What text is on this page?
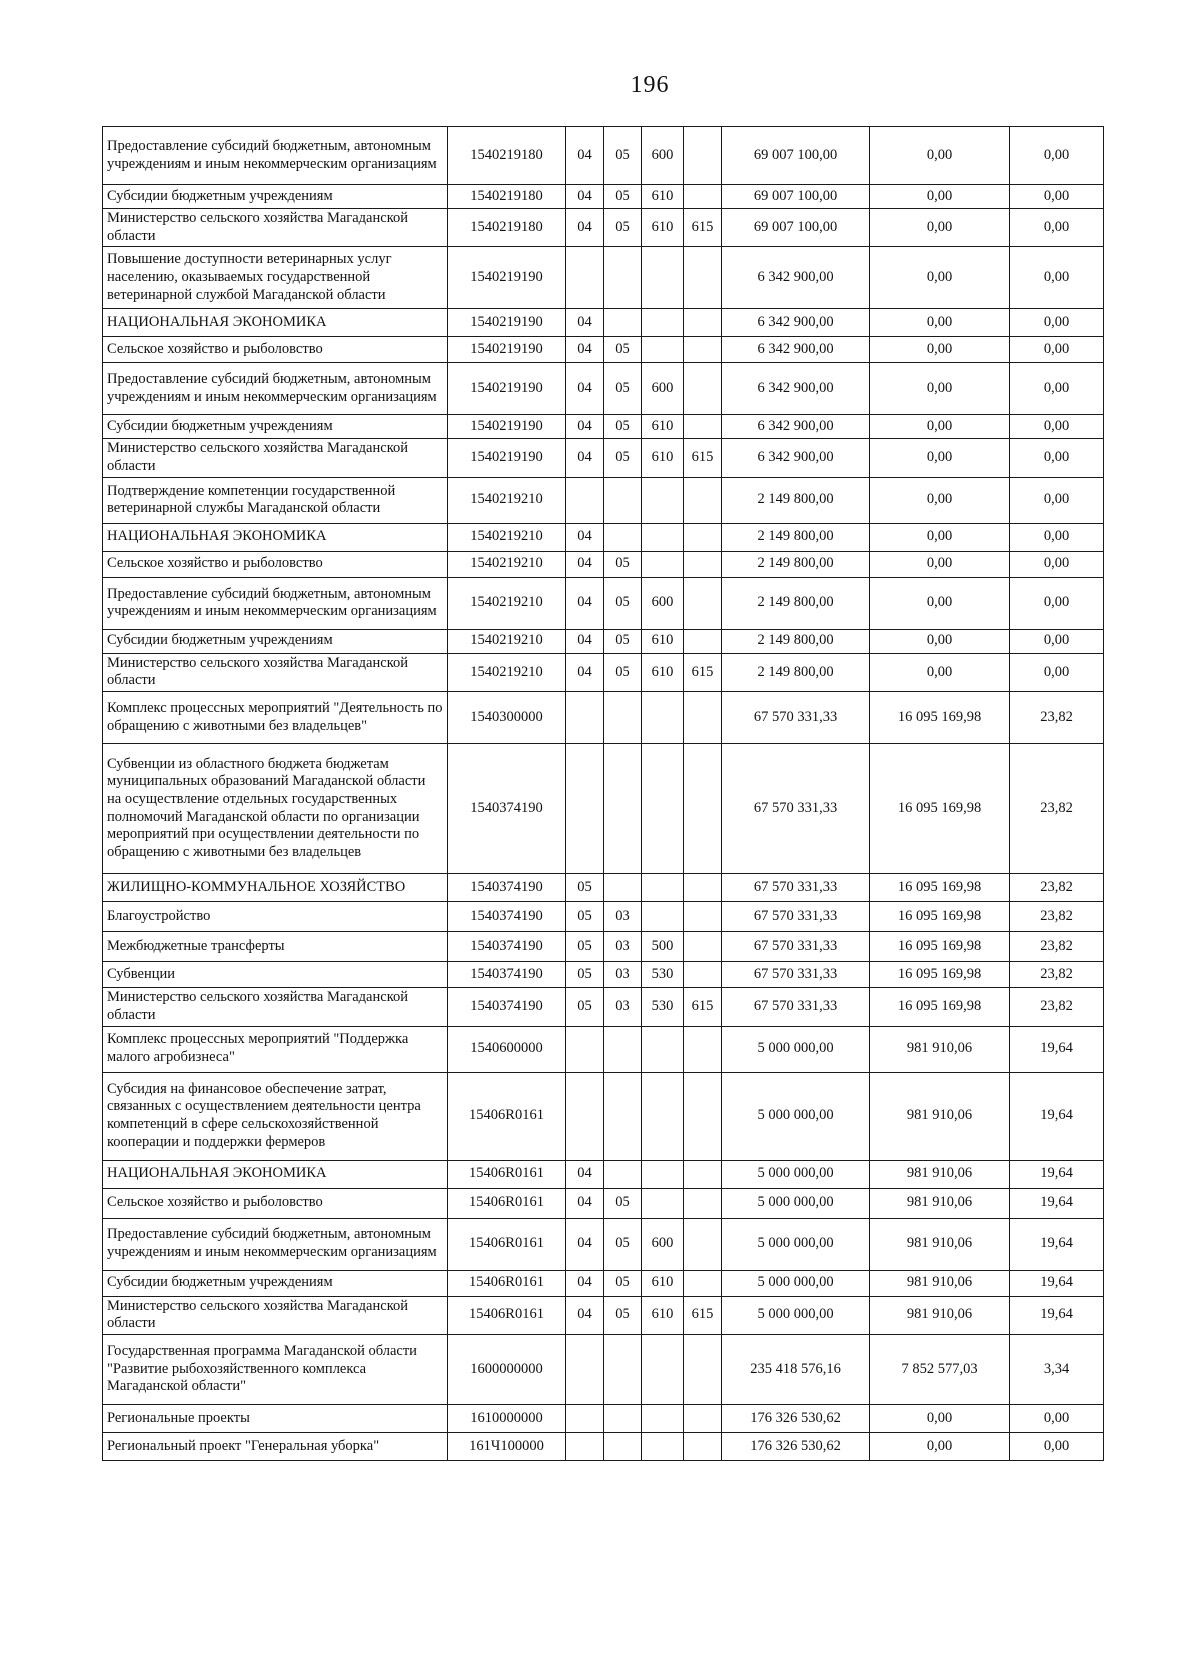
196
Предоставление субсидий бюджетным, автономным учреждениям и иным некоммерческим организациям	1540219180	04	05	600		69 007 100,00	0,00	0,00
Субсидии бюджетным учреждениям	1540219180	04	05	610		69 007 100,00	0,00	0,00
Министерство сельского хозяйства Магаданской области	1540219180	04	05	610	615	69 007 100,00	0,00	0,00
Повышение доступности ветеринарных услуг населению, оказываемых государственной ветеринарной службой Магаданской области	1540219190					6 342 900,00	0,00	0,00
НАЦИОНАЛЬНАЯ ЭКОНОМИКА	1540219190	04				6 342 900,00	0,00	0,00
Сельское хозяйство и рыболовство	1540219190	04	05			6 342 900,00	0,00	0,00
Предоставление субсидий бюджетным, автономным учреждениям и иным некоммерческим организациям	1540219190	04	05	600		6 342 900,00	0,00	0,00
Субсидии бюджетным учреждениям	1540219190	04	05	610		6 342 900,00	0,00	0,00
Министерство сельского хозяйства Магаданской области	1540219190	04	05	610	615	6 342 900,00	0,00	0,00
Подтверждение компетенции государственной ветеринарной службы Магаданской области	1540219210					2 149 800,00	0,00	0,00
НАЦИОНАЛЬНАЯ ЭКОНОМИКА	1540219210	04				2 149 800,00	0,00	0,00
Сельское хозяйство и рыболовство	1540219210	04	05			2 149 800,00	0,00	0,00
Предоставление субсидий бюджетным, автономным учреждениям и иным некоммерческим организациям	1540219210	04	05	600		2 149 800,00	0,00	0,00
Субсидии бюджетным учреждениям	1540219210	04	05	610		2 149 800,00	0,00	0,00
Министерство сельского хозяйства Магаданской области	1540219210	04	05	610	615	2 149 800,00	0,00	0,00
Комплекс процессных мероприятий "Деятельность по обращению с животными без владельцев"	1540300000					67 570 331,33	16 095 169,98	23,82
Субвенции из областного бюджета бюджетам муниципальных образований Магаданской области на осуществление отдельных государственных полномочий Магаданской области по организации мероприятий при осуществлении деятельности по обращению с животными без владельцев	1540374190					67 570 331,33	16 095 169,98	23,82
ЖИЛИЩНО-КОММУНАЛЬНОЕ ХОЗЯЙСТВО	1540374190	05				67 570 331,33	16 095 169,98	23,82
Благоустройство	1540374190	05	03			67 570 331,33	16 095 169,98	23,82
Межбюджетные трансферты	1540374190	05	03	500		67 570 331,33	16 095 169,98	23,82
Субвенции	1540374190	05	03	530		67 570 331,33	16 095 169,98	23,82
Министерство сельского хозяйства Магаданской области	1540374190	05	03	530	615	67 570 331,33	16 095 169,98	23,82
Комплекс процессных мероприятий "Поддержка малого агробизнеса"	1540600000					5 000 000,00	981 910,06	19,64
Субсидия на финансовое обеспечение затрат, связанных с осуществлением деятельности центра компетенций в сфере сельскохозяйственной кооперации и поддержки фермеров	15406R0161					5 000 000,00	981 910,06	19,64
НАЦИОНАЛЬНАЯ ЭКОНОМИКА	15406R0161	04				5 000 000,00	981 910,06	19,64
Сельское хозяйство и рыболовство	15406R0161	04	05			5 000 000,00	981 910,06	19,64
Предоставление субсидий бюджетным, автономным учреждениям и иным некоммерческим организациям	15406R0161	04	05	600		5 000 000,00	981 910,06	19,64
Субсидии бюджетным учреждениям	15406R0161	04	05	610		5 000 000,00	981 910,06	19,64
Министерство сельского хозяйства Магаданской области	15406R0161	04	05	610	615	5 000 000,00	981 910,06	19,64
Государственная программа Магаданской области "Развитие рыбохозяйственного комплекса Магаданской области"	1600000000					235 418 576,16	7 852 577,03	3,34
Региональные проекты	1610000000					176 326 530,62	0,00	0,00
Региональный проект "Генеральная уборка"	161Ч100000					176 326 530,62	0,00	0,00
